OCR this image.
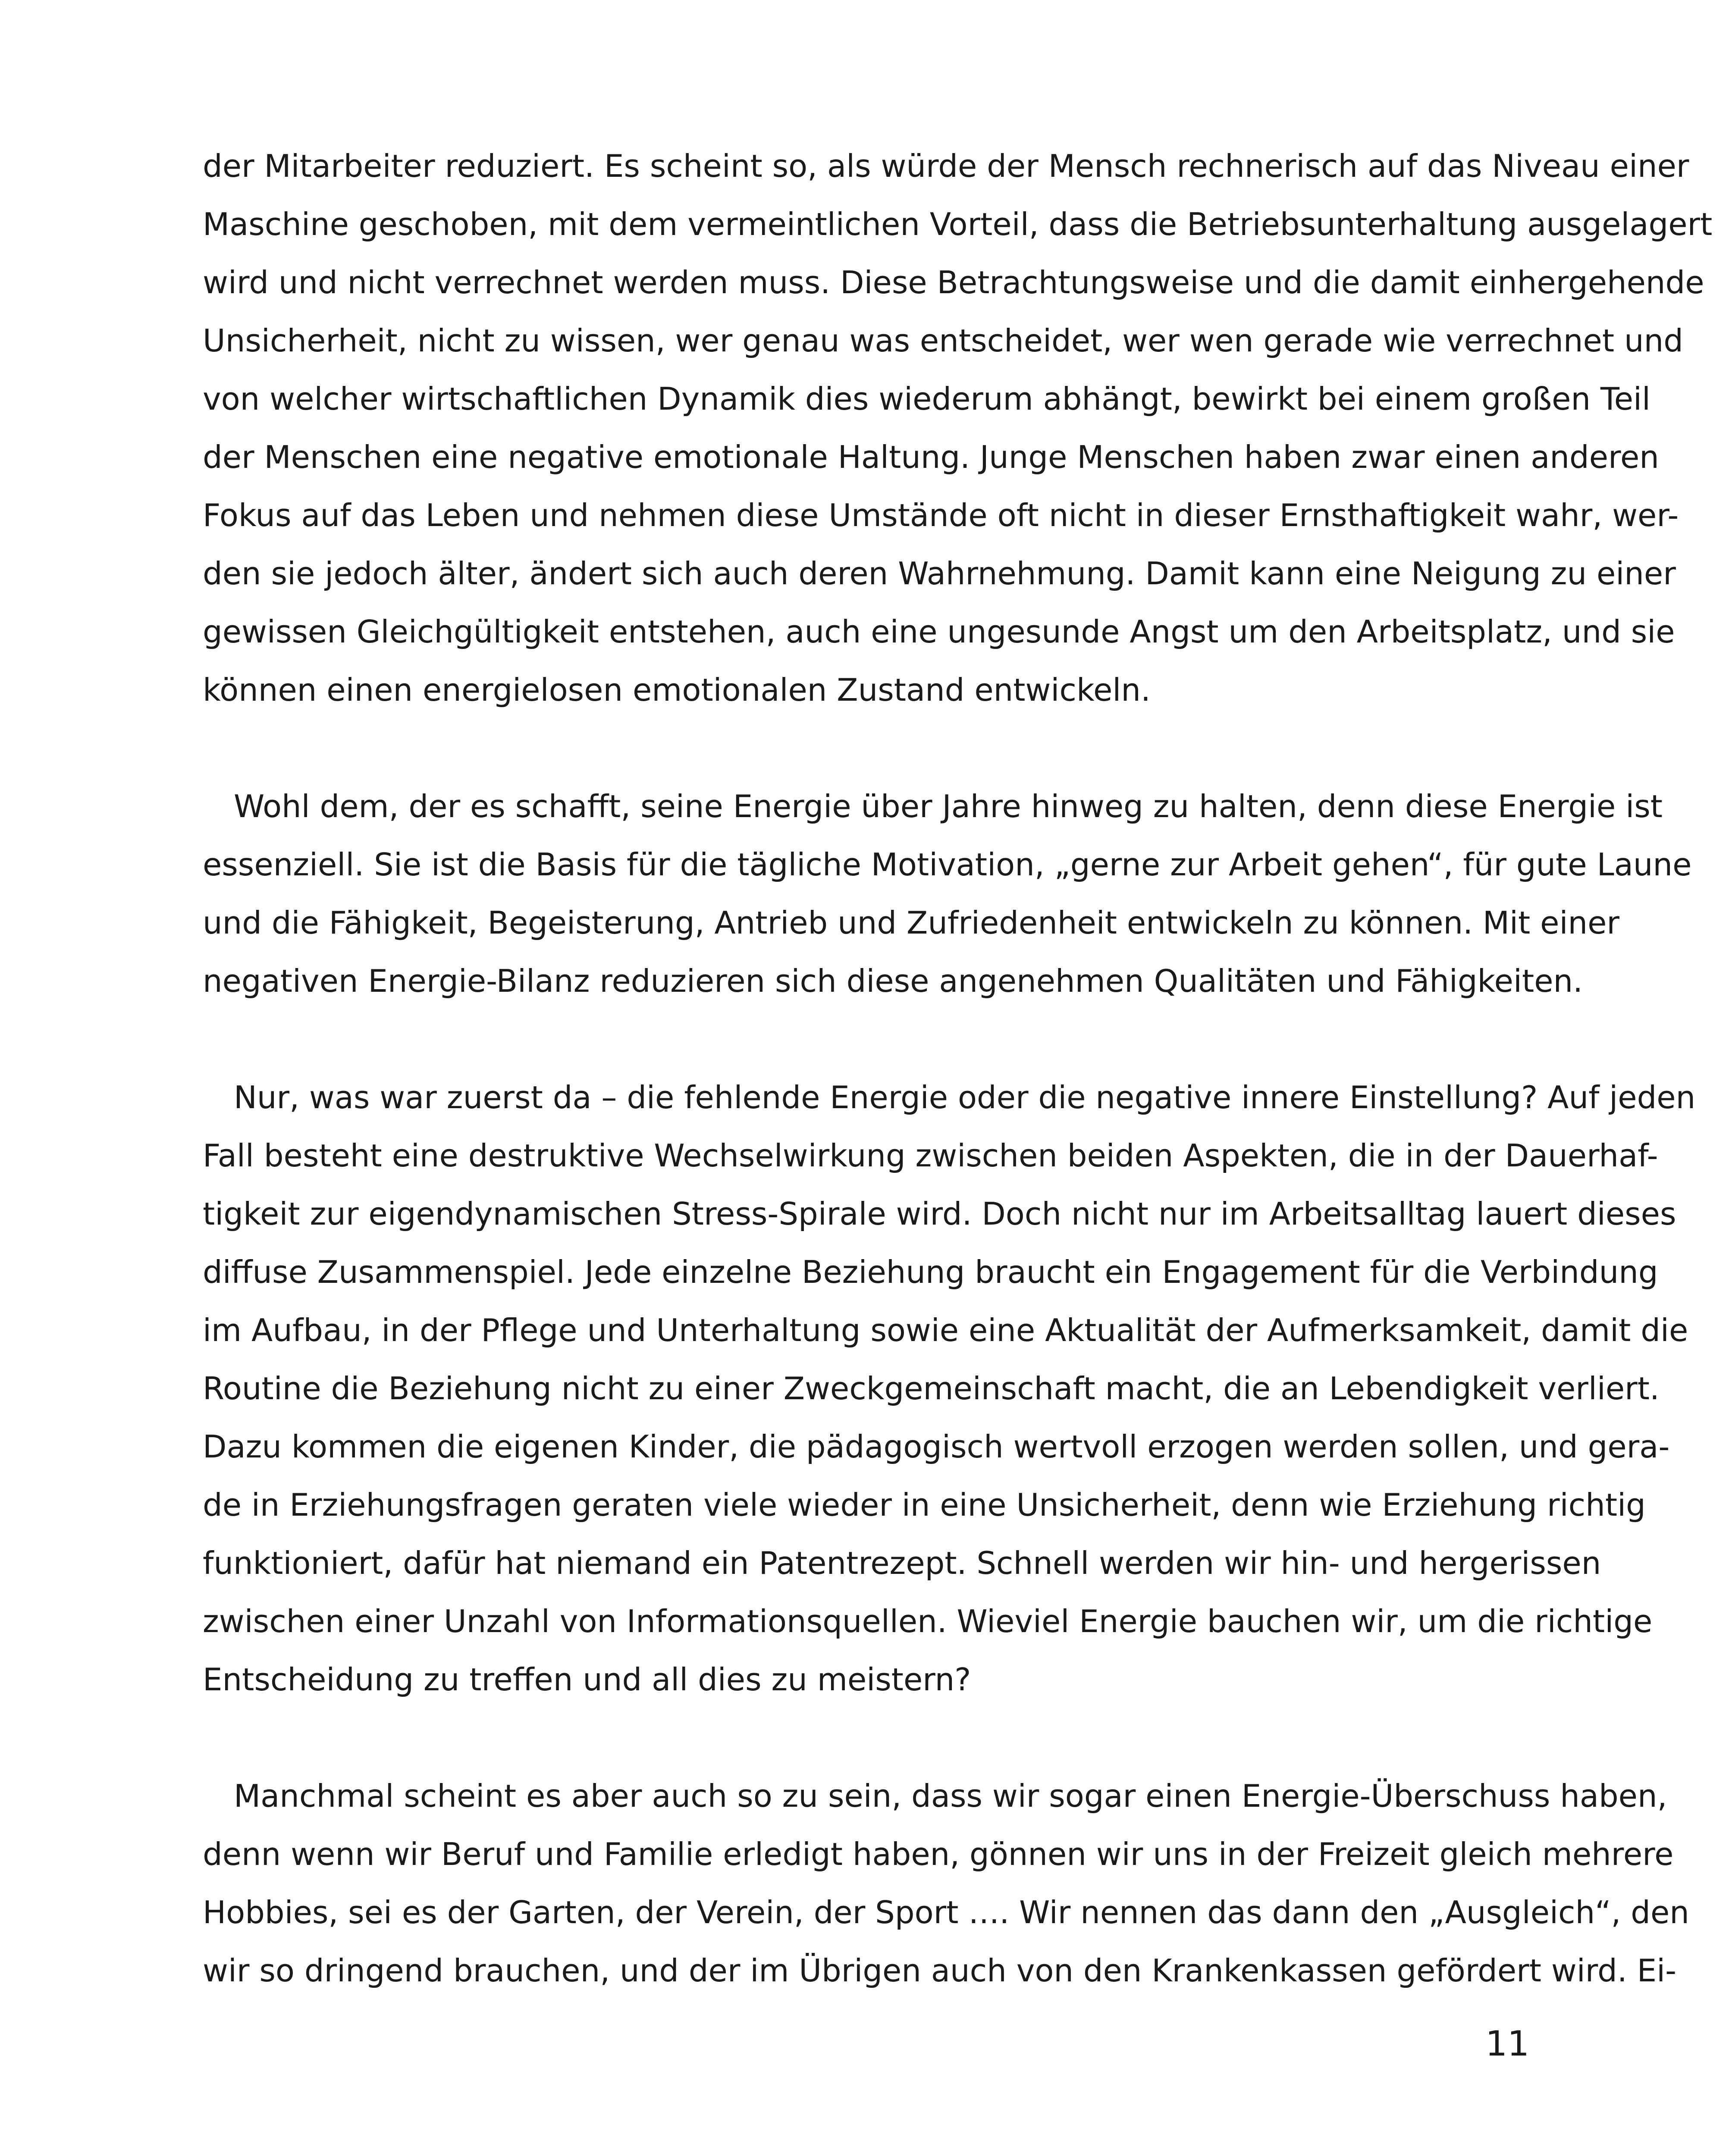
der Mitarbeiter reduziert. Es scheint so, als würde der Mensch rechnerisch auf das Niveau einer
Maschine geschoben, mit dem vermeintlichen Vorteil, dass die Betriebsunterhaltung ausgelagert
wird und nicht verrechnet werden muss. Diese Betrachtungsweise und die damit einhergehende
Unsicherheit, nicht zu wissen, wer genau was entscheidet, wer wen gerade wie verrechnet und
von welcher wirtschaftlichen Dynamik dies wiederum abhängt, bewirkt bei einem großen Teil
der Menschen eine negative emotionale Haltung. Junge Menschen haben zwar einen anderen
Fokus auf das Leben und nehmen diese Umstände oft nicht in dieser Ernsthaftigkeit wahr, wer-
den sie jedoch älter, ändert sich auch deren Wahrnehmung. Damit kann eine Neigung zu einer
gewissen Gleichgültigkeit entstehen, auch eine ungesunde Angst um den Arbeitsplatz, und sie
können einen energielosen emotionalen Zustand entwickeln.
Wohl dem, der es schafft, seine Energie über Jahre hinweg zu halten, denn diese Energie ist
essenziell. Sie ist die Basis für die tägliche Motivation, „gerne zur Arbeit gehen“, für gute Laune
und die Fähigkeit, Begeisterung, Antrieb und Zufriedenheit entwickeln zu können. Mit einer
negativen Energie-Bilanz reduzieren sich diese angenehmen Qualitäten und Fähigkeiten.
Nur, was war zuerst da – die fehlende Energie oder die negative innere Einstellung? Auf jeden
Fall besteht eine destruktive Wechselwirkung zwischen beiden Aspekten, die in der Dauerhaf-
tigkeit zur eigendynamischen Stress-Spirale wird. Doch nicht nur im Arbeitsalltag lauert dieses
diffuse Zusammenspiel. Jede einzelne Beziehung braucht ein Engagement für die Verbindung
im Aufbau, in der Pflege und Unterhaltung sowie eine Aktualität der Aufmerksamkeit, damit die
Routine die Beziehung nicht zu einer Zweckgemeinschaft macht, die an Lebendigkeit verliert.
Dazu kommen die eigenen Kinder, die pädagogisch wertvoll erzogen werden sollen, und gera-
de in Erziehungsfragen geraten viele wieder in eine Unsicherheit, denn wie Erziehung richtig
funktioniert, dafür hat niemand ein Patentrezept. Schnell werden wir hin- und hergerissen
zwischen einer Unzahl von Informationsquellen. Wieviel Energie bauchen wir, um die richtige
Entscheidung zu treffen und all dies zu meistern?
Manchmal scheint es aber auch so zu sein, dass wir sogar einen Energie-Überschuss haben,
denn wenn wir Beruf und Familie erledigt haben, gönnen wir uns in der Freizeit gleich mehrere
Hobbies, sei es der Garten, der Verein, der Sport …. Wir nennen das dann den „Ausgleich“, den
wir so dringend brauchen, und der im Übrigen auch von den Krankenkassen gefördert wird. Ei-
11
